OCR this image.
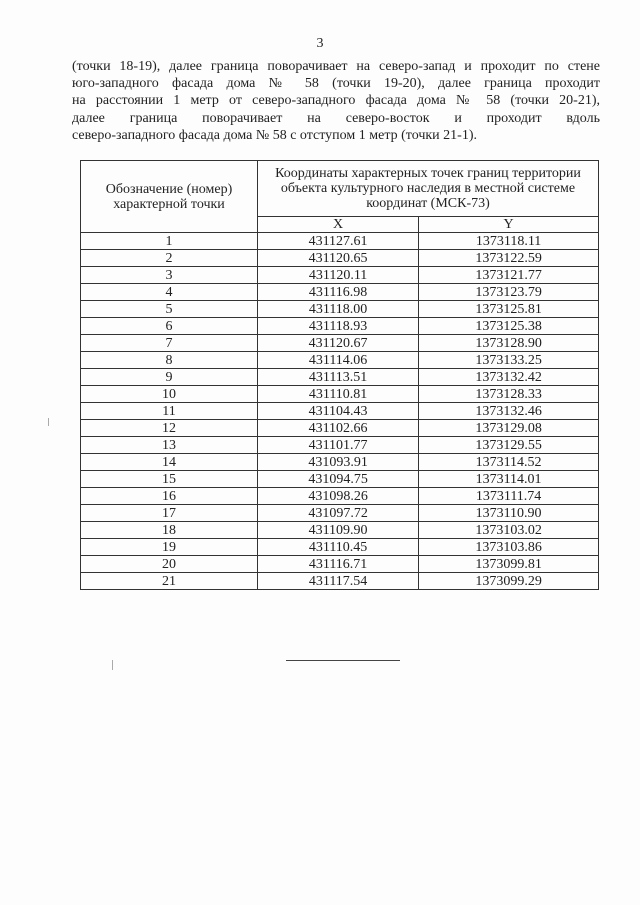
3

(точки 18-19), далее граница поворачивает на северо-запад и проходит по стене

юго-западного фасада дома № 58 (точки 19-20), далее граница проходит

на расстоянии 1 метр от северо-западного фасада дома № 58 (точки 20-21),

далее граница поворачивает на северо-восток и проходит вдоль

северо-западного фасада дома № 58 с отступом 1 метр (точки 21-1).

Обозначение (номер) характерной точки	Координаты характерных точек границ территории объекта культурного наследия в местной системе координат (МСК-73)	
	X	Y
1	431127.61	1373118.11
2	431120.65	1373122.59
3	431120.11	1373121.77
4	431116.98	1373123.79
5	431118.00	1373125.81
6	431118.93	1373125.38
7	431120.67	1373128.90
8	431114.06	1373133.25
9	431113.51	1373132.42
10	431110.81	1373128.33
11	431104.43	1373132.46
12	431102.66	1373129.08
13	431101.77	1373129.55
14	431093.91	1373114.52
15	431094.75	1373114.01
16	431098.26	1373111.74
17	431097.72	1373110.90
18	431109.90	1373103.02
19	431110.45	1373103.86
20	431116.71	1373099.81
21	431117.54	1373099.29
